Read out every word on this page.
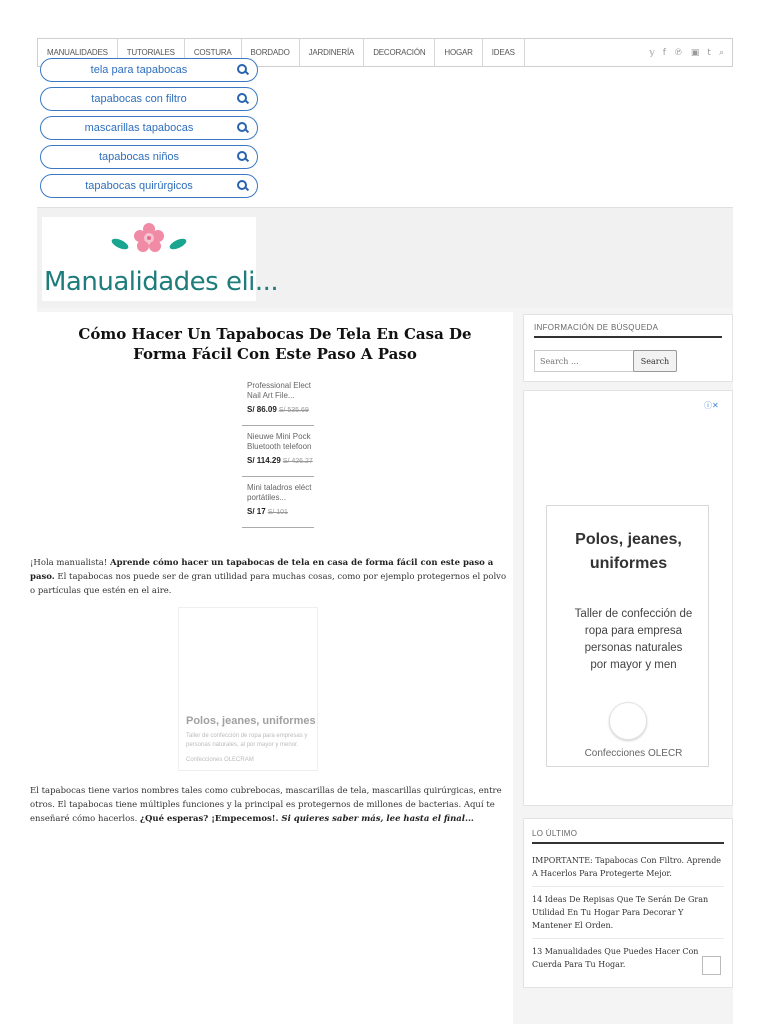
MANUALIDADES	TUTORIALES	COSTURA	BORDADO	JARDINERÍA	DECORACIÓN	HOGAR	IDEAS	𝕪 f ℗ ▣ t ⌕
tela para tapabocas
tapabocas con filtro
mascarillas tapabocas
tapabocas niños
tapabocas quirúrgicos
Manualidades eli...
Cómo Hacer Un Tapabocas De Tela En Casa De Forma Fácil Con Este Paso A Paso
Professional Elect
Nail Art File...
S/ 86.09 S/ 535.69
Nieuwe Mini Pock
Bluetooth telefoon
S/ 114.29 S/ 426.27
Mini taladros eléct
portátiles...
S/ 17 S/ 101
¡Hola manualista! Aprende cómo hacer un tapabocas de tela en casa de forma fácil con este paso a paso. El tapabocas nos puede ser de gran utilidad para muchas cosas, como por ejemplo protegernos el polvo o partículas que estén en el aire.
Polos, jeanes, uniformes
Taller de confección de ropa para empresas y personas naturales, al por mayor y menor.
Confecciones OLECRAM
El tapabocas tiene varios nombres tales como cubrebocas, mascarillas de tela, mascarillas quirúrgicas, entre otros. El tapabocas tiene múltiples funciones y la principal es protegernos de millones de bacterias. Aquí te enseñaré cómo hacerlos. ¿Qué esperas? ¡Empecemos!. Si quieres saber más, lee hasta el final...
INFORMACIÓN DE BÚSQUEDA
Search ...
Search
ⓘ✕
Polos, jeanes, uniformes
Taller de confección de
ropa para empresa
personas naturales
por mayor y men
Confecciones OLECR
LO ÚLTIMO
IMPORTANTE: Tapabocas Con Filtro. Aprende A Hacerlos Para Protegerte Mejor.
14 Ideas De Repisas Que Te Serán De Gran Utilidad En Tu Hogar Para Decorar Y Mantener El Orden.
13 Manualidades Que Puedes Hacer Con Cuerda Para Tu Hogar.
